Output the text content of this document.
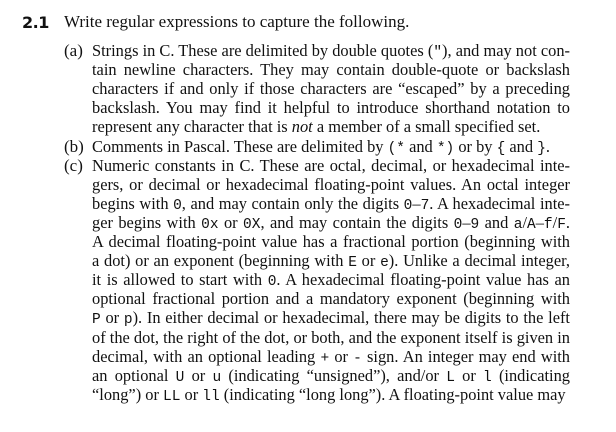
2.1 Write regular expressions to capture the following.
(a) Strings in C. These are delimited by double quotes ("), and may not con-
tain newline characters. They may contain double-quote or backslash
characters if and only if those characters are “escaped” by a preceding
backslash. You may find it helpful to introduce shorthand notation to
represent any character that is not a member of a small specified set.
(b) Comments in Pascal. These are delimited by (* and *) or by { and }.
(c) Numeric constants in C. These are octal, decimal, or hexadecimal inte-
gers, or decimal or hexadecimal floating-point values. An octal integer
begins with 0, and may contain only the digits 0–7. A hexadecimal inte-
ger begins with 0x or 0X, and may contain the digits 0–9 and a/A–f/F.
A decimal floating-point value has a fractional portion (beginning with
a dot) or an exponent (beginning with E or e). Unlike a decimal integer,
it is allowed to start with 0. A hexadecimal floating-point value has an
optional fractional portion and a mandatory exponent (beginning with
P or p). In either decimal or hexadecimal, there may be digits to the left
of the dot, the right of the dot, or both, and the exponent itself is given in
decimal, with an optional leading + or - sign. An integer may end with
an optional U or u (indicating “unsigned”), and/or L or l (indicating
“long”) or LL or ll (indicating “long long”). A floating-point value may
